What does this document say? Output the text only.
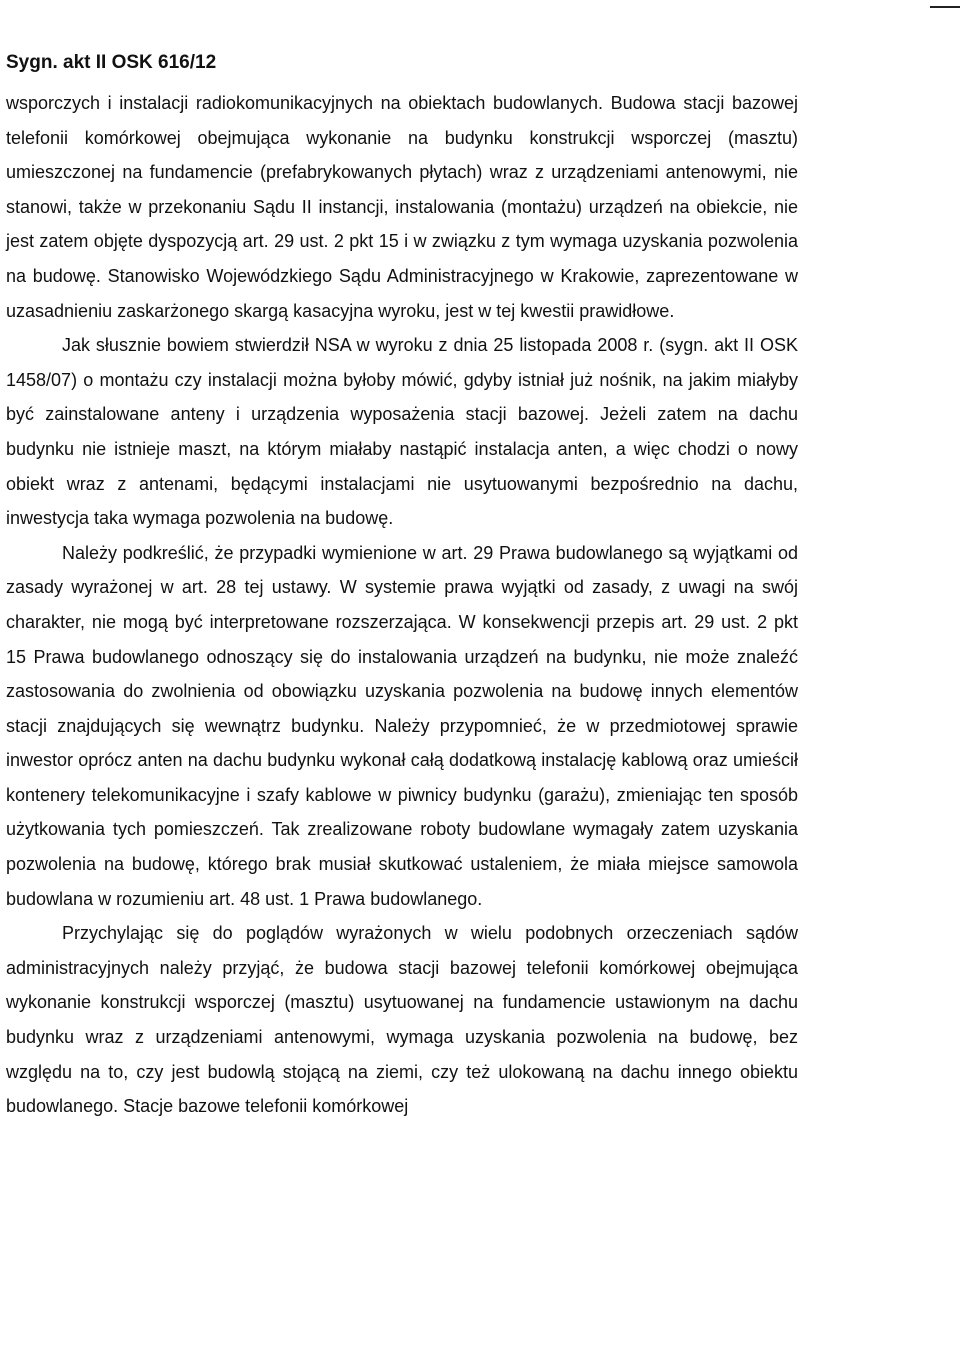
Sygn. akt II OSK 616/12

wsporczych i instalacji radiokomunikacyjnych na obiektach budowlanych. Budowa stacji bazowej telefonii komórkowej obejmująca wykonanie na budynku konstrukcji wsporczej (masztu) umieszczonej na fundamencie (prefabrykowanych płytach) wraz z urządzeniami antenowymi, nie stanowi, także w przekonaniu Sądu II instancji, instalowania (montażu) urządzeń na obiekcie, nie jest zatem objęte dyspozycją art. 29 ust. 2 pkt 15 i w związku z tym wymaga uzyskania pozwolenia na budowę. Stanowisko Wojewódzkiego Sądu Administracyjnego w Krakowie, zaprezentowane w uzasadnieniu zaskarżonego skargą kasacyjna wyroku, jest w tej kwestii prawidłowe.

Jak słusznie bowiem stwierdził NSA w wyroku z dnia 25 listopada 2008 r. (sygn. akt II OSK 1458/07) o montażu czy instalacji można byłoby mówić, gdyby istniał już nośnik, na jakim miałyby być zainstalowane anteny i urządzenia wyposażenia stacji bazowej. Jeżeli zatem na dachu budynku nie istnieje maszt, na którym miałaby nastąpić instalacja anten, a więc chodzi o nowy obiekt wraz z antenami, będącymi instalacjami nie usytuowanymi bezpośrednio na dachu, inwestycja taka wymaga pozwolenia na budowę.

Należy podkreślić, że przypadki wymienione w art. 29 Prawa budowlanego są wyjątkami od zasady wyrażonej w art. 28 tej ustawy. W systemie prawa wyjątki od zasady, z uwagi na swój charakter, nie mogą być interpretowane rozszerzająca. W konsekwencji przepis art. 29 ust. 2 pkt 15 Prawa budowlanego odnoszący się do instalowania urządzeń na budynku, nie może znaleźć zastosowania do zwolnienia od obowiązku uzyskania pozwolenia na budowę innych elementów stacji znajdujących się wewnątrz budynku. Należy przypomnieć, że w przedmiotowej sprawie inwestor oprócz anten na dachu budynku wykonał całą dodatkową instalację kablową oraz umieścił kontenery telekomunikacyjne i szafy kablowe w piwnicy budynku (garażu), zmieniając ten sposób użytkowania tych pomieszczeń. Tak zrealizowane roboty budowlane wymagały zatem uzyskania pozwolenia na budowę, którego brak musiał skutkować ustaleniem, że miała miejsce samowola budowlana w rozumieniu art. 48 ust. 1 Prawa budowlanego.

Przychylając się do poglądów wyrażonych w wielu podobnych orzeczeniach sądów administracyjnych należy przyjąć, że budowa stacji bazowej telefonii komórkowej obejmująca wykonanie konstrukcji wsporczej (masztu) usytuowanej na fundamencie ustawionym na dachu budynku wraz z urządzeniami antenowymi, wymaga uzyskania pozwolenia na budowę, bez względu na to, czy jest budowlą stojącą na ziemi, czy też ulokowaną na dachu innego obiektu budowlanego. Stacje bazowe telefonii komórkowej
